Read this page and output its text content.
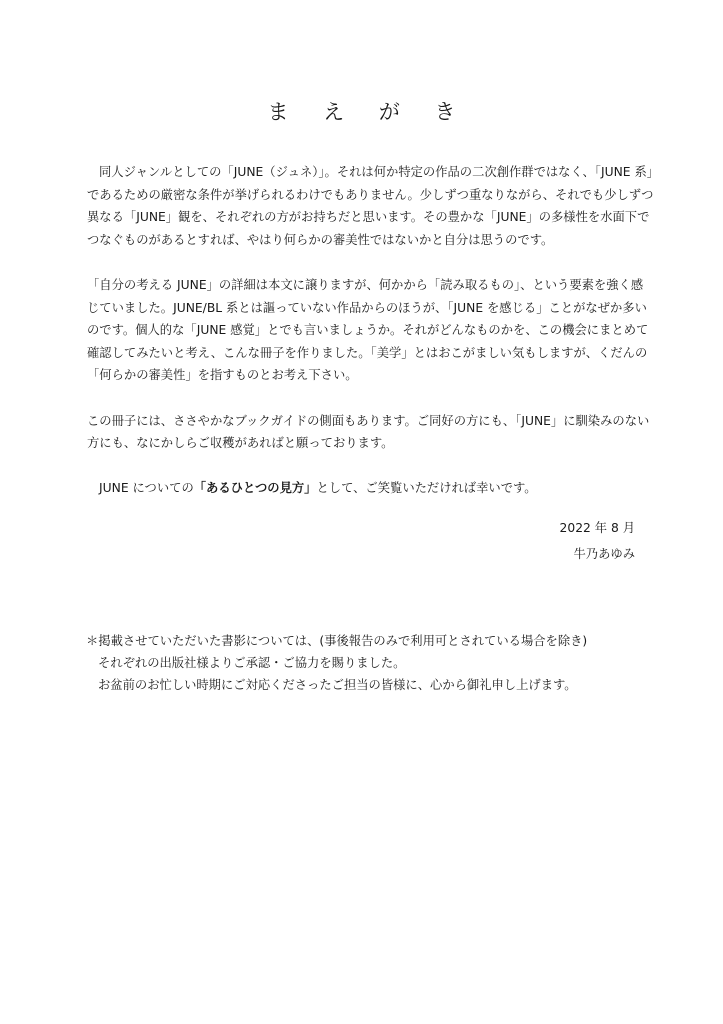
ま え が き

同人ジャンルとしての「JUNE（ジュネ）」。それは何か特定の作品の二次創作群ではなく、「JUNE 系」
であるための厳密な条件が挙げられるわけでもありません。少しずつ重なりながら、それでも少しずつ
異なる「JUNE」観を、それぞれの方がお持ちだと思います。その豊かな「JUNE」の多様性を水面下で
つなぐものがあるとすれば、やはり何らかの審美性ではないかと自分は思うのです。

「自分の考える JUNE」の詳細は本文に譲りますが、何かから「読み取るもの」、という要素を強く感
じていました。JUNE/BL 系とは謳っていない作品からのほうが、「JUNE を感じる」ことがなぜか多い
のです。個人的な「JUNE 感覚」とでも言いましょうか。それがどんなものかを、この機会にまとめて
確認してみたいと考え、こんな冊子を作りました。「美学」とはおこがましい気もしますが、くだんの
「何らかの審美性」を指すものとお考え下さい。

この冊子には、ささやかなブックガイドの側面もあります。ご同好の方にも、「JUNE」に馴染みのない
方にも、なにかしらご収穫があればと願っております。

JUNE についての「あるひとつの見方」として、ご笑覧いただければ幸いです。

2022 年 8 月
牛乃あゆみ
＊掲載させていただいた書影については、(事後報告のみで利用可とされている場合を除き)
それぞれの出版社様よりご承認・ご協力を賜りました。
お盆前のお忙しい時期にご対応くださったご担当の皆様に、心から御礼申し上げます。
